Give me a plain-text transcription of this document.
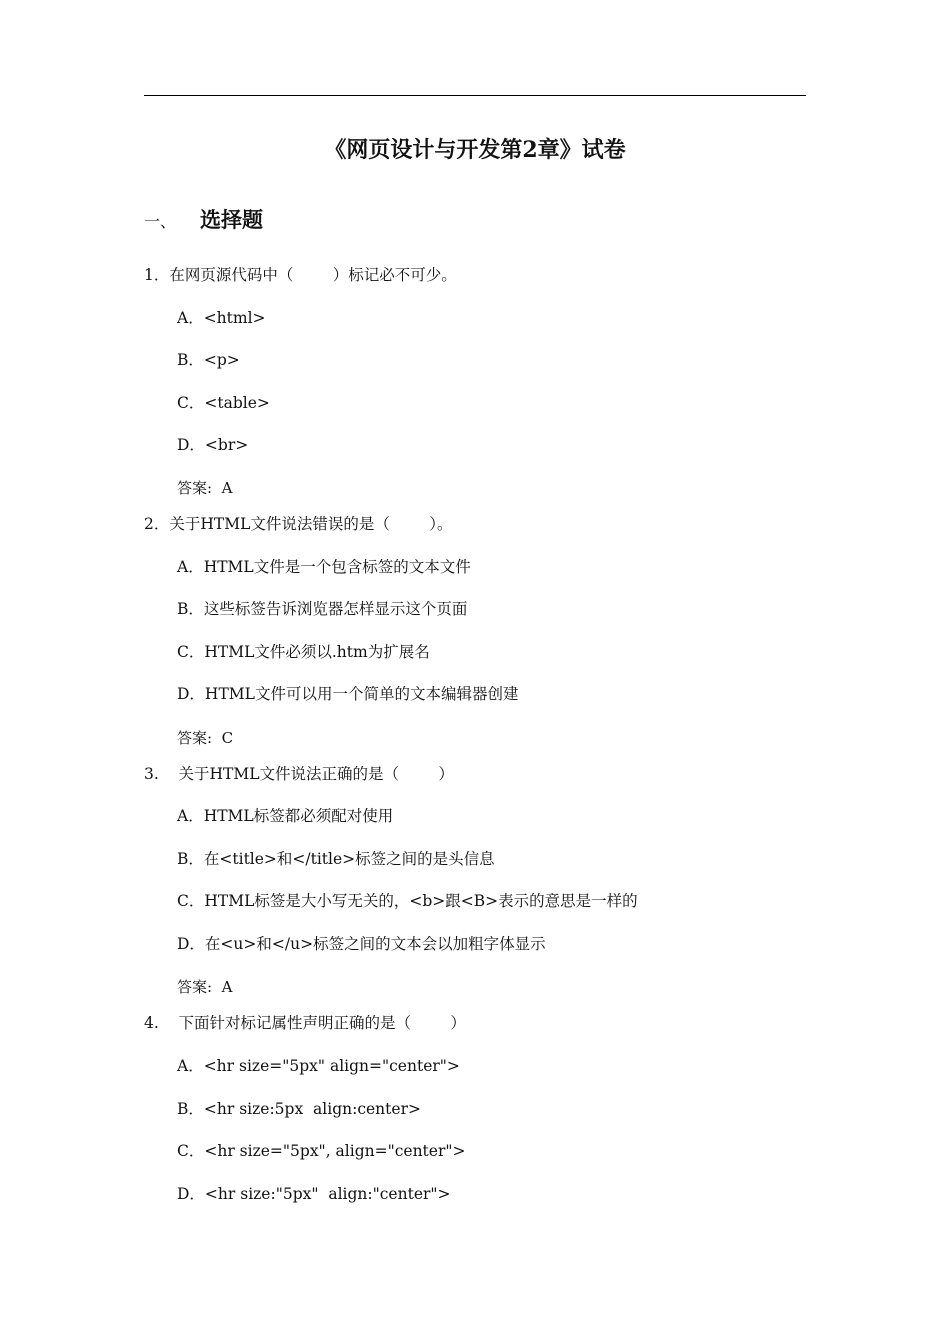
《网页设计与开发第2章》试卷
一、 选择题
1．在网页源代码中（        ）标记必不可少。
A．<html>
B．<p>
C．<table>
D．<br>
答案:  A
2．关于HTML文件说法错误的是（        ）。
A．HTML文件是一个包含标签的文本文件
B．这些标签告诉浏览器怎样显示这个页面
C．HTML文件必须以.htm为扩展名
D．HTML文件可以用一个简单的文本编辑器创建
答案:  C
3.    关于HTML文件说法正确的是（        ）
A．HTML标签都必须配对使用
B．在<title>和</title>标签之间的是头信息
C．HTML标签是大小写无关的，<b>跟<B>表示的意思是一样的
D．在<u>和</u>标签之间的文本会以加粗字体显示
答案:  A
4.    下面针对标记属性声明正确的是（        ）
A．<hr size="5px" align="center">
B．<hr size:5px  align:center>
C．<hr size="5px", align="center">
D．<hr size:"5px"  align:"center">
